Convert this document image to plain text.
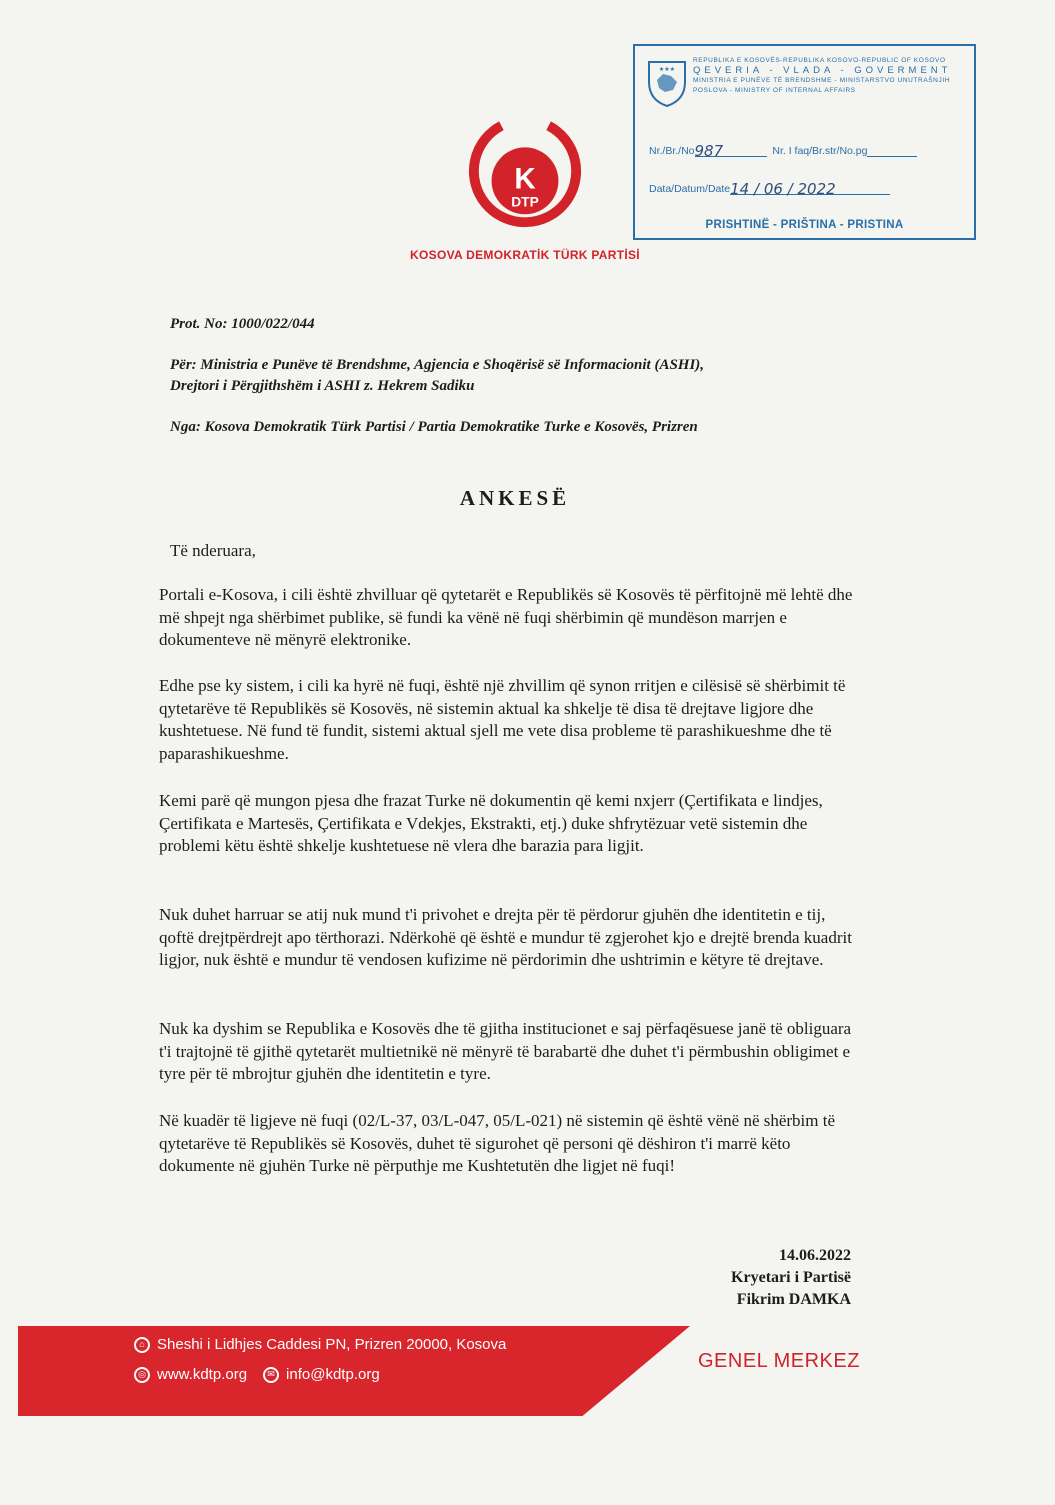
K
DTP
KOSOVA DEMOKRATİK TÜRK PARTİSİ
★★★
REPUBLIKA E KOSOVËS-REPUBLIKA KOSOVO-REPUBLIC OF KOSOVO
QEVERIA - VLADA - GOVERMENT
MINISTRIA E PUNËVE TË BRENDSHME - MINISTARSTVO UNUTRAŠNJIH
POSLOVA - MINISTRY OF INTERNAL AFFAIRS
Nr./Br./No987	Nr. I faq/Br.str/No.pg
Data/Datum/Date14 / 06 / 2022
PRISHTINË - PRIŠTINA - PRISTINA
Prot. No: 1000/022/044
Për: Ministria e Punëve të Brendshme, Agjencia e Shoqërisë së Informacionit (ASHI),
Drejtori i Përgjithshëm i ASHI z. Hekrem Sadiku
Nga: Kosova Demokratik Türk Partisi / Partia Demokratike Turke e Kosovës, Prizren
ANKESË
Të nderuara,
Portali e-Kosova, i cili është zhvilluar që qytetarët e Republikës së Kosovës të përfitojnë më lehtë dhe më shpejt nga shërbimet publike, së fundi ka vënë në fuqi shërbimin që mundëson marrjen e dokumenteve në mënyrë elektronike.
Edhe pse ky sistem, i cili ka hyrë në fuqi, është një zhvillim që synon rritjen e cilësisë së shërbimit të qytetarëve të Republikës së Kosovës, në sistemin aktual ka shkelje të disa të drejtave ligjore dhe kushtetuese. Në fund të fundit, sistemi aktual sjell me vete disa probleme të parashikueshme dhe të paparashikueshme.
Kemi parë që mungon pjesa dhe frazat Turke në dokumentin që kemi nxjerr (Çertifikata e lindjes, Çertifikata e Martesës, Çertifikata e Vdekjes, Ekstrakti, etj.) duke shfrytëzuar vetë sistemin dhe problemi këtu është shkelje kushtetuese në vlera dhe barazia para ligjit.
Nuk duhet harruar se atij nuk mund t'i privohet e drejta për të përdorur gjuhën dhe identitetin e tij, qoftë drejtpërdrejt apo tërthorazi. Ndërkohë që është e mundur të zgjerohet kjo e drejtë brenda kuadrit ligjor, nuk është e mundur të vendosen kufizime në përdorimin dhe ushtrimin e këtyre të drejtave.
Nuk ka dyshim se Republika e Kosovës dhe të gjitha institucionet e saj përfaqësuese janë të obliguara t'i trajtojnë të gjithë qytetarët multietnikë në mënyrë të barabartë dhe duhet t'i përmbushin obligimet e tyre për të mbrojtur gjuhën dhe identitetin e tyre.
Në kuadër të ligjeve në fuqi (02/L-37, 03/L-047, 05/L-021) në sistemin që është vënë në shërbim të qytetarëve të Republikës së Kosovës, duhet të sigurohet që personi që dëshiron t'i marrë këto dokumente në gjuhën Turke në përputhje me Kushtetutën dhe ligjet në fuqi!
14.06.2022
Kryetari i Partisë
Fikrim DAMKA
⌂ Sheshi i Lidhjes Caddesi PN, Prizren 20000, Kosova
◎ www.kdtp.org	✉ info@kdtp.org
GENEL MERKEZ
